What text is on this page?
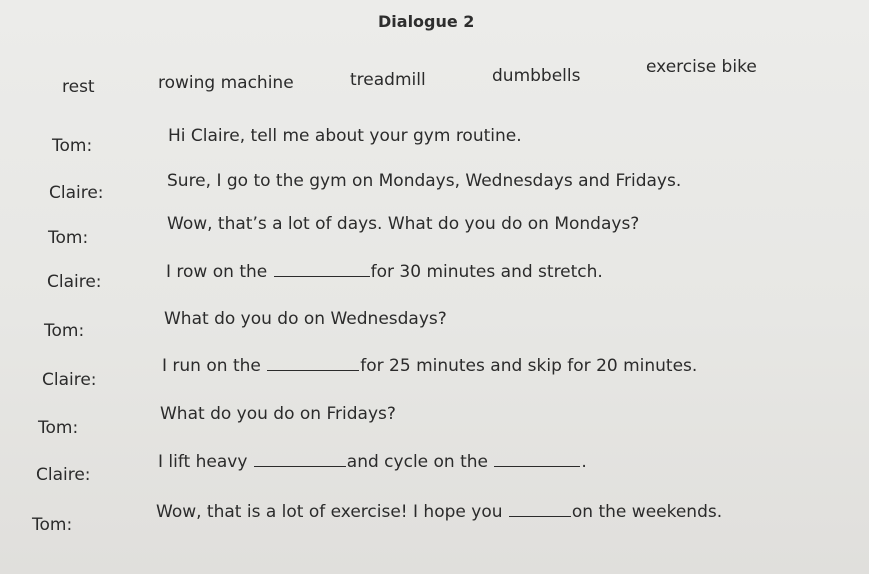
Dialogue 2
rest	rowing machine	treadmill	dumbbells	exercise bike
Tom:	Hi Claire, tell me about your gym routine.
Claire:
Sure, I go to the gym on Mondays, Wednesdays and Fridays.
Tom:
Wow, that’s a lot of days. What do you do on Mondays?
Claire:	I row on the	for 30 minutes and stretch.
Tom:
What do you do on Wednesdays?
Claire:
I run on the	for 25 minutes and skip for 20 minutes.
Tom:
What do you do on Fridays?
Claire:
I lift heavy	and cycle on the	.
Tom:
Wow, that is a lot of exercise! I hope you	on the weekends.
